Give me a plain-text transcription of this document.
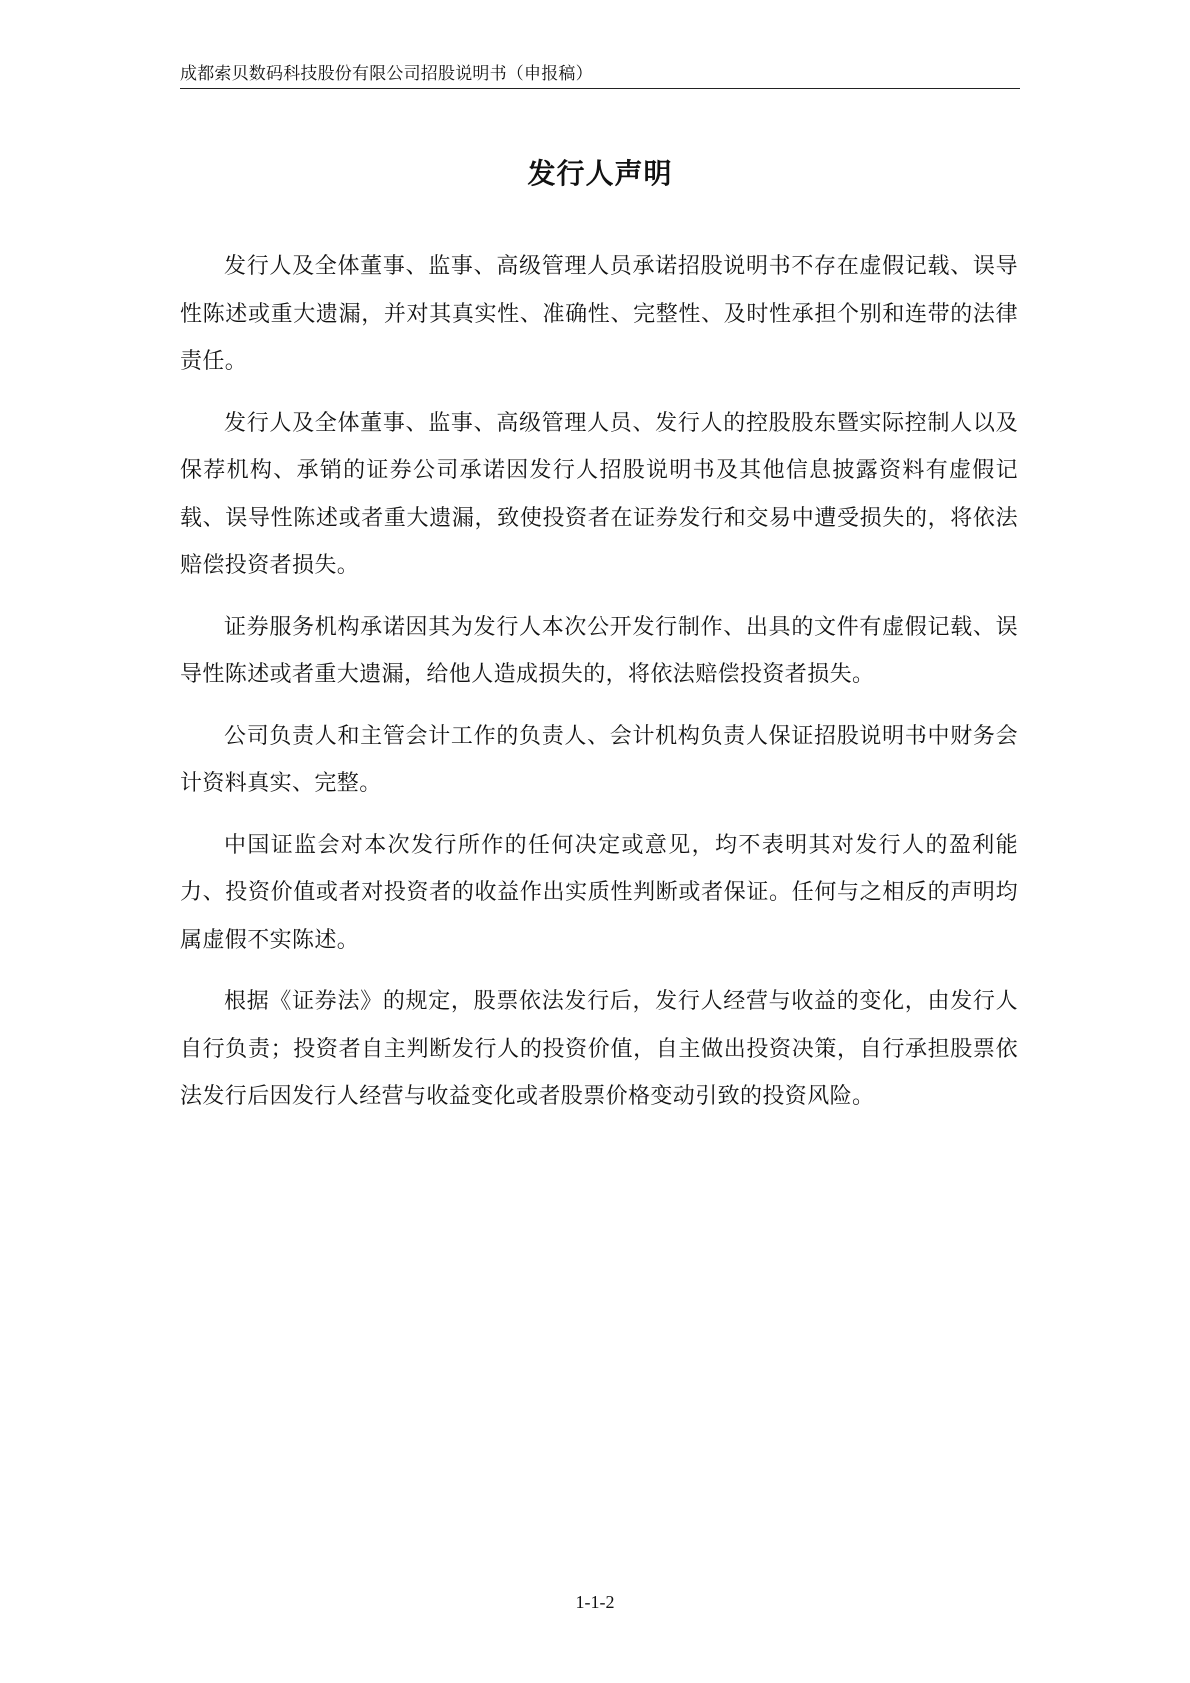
成都索贝数码科技股份有限公司招股说明书（申报稿）
发行人声明

发行人及全体董事、监事、高级管理人员承诺招股说明书不存在虚假记载、误导性陈述或重大遗漏，并对其真实性、准确性、完整性、及时性承担个别和连带的法律责任。

发行人及全体董事、监事、高级管理人员、发行人的控股股东暨实际控制人以及保荐机构、承销的证券公司承诺因发行人招股说明书及其他信息披露资料有虚假记载、误导性陈述或者重大遗漏，致使投资者在证券发行和交易中遭受损失的，将依法赔偿投资者损失。

证券服务机构承诺因其为发行人本次公开发行制作、出具的文件有虚假记载、误导性陈述或者重大遗漏，给他人造成损失的，将依法赔偿投资者损失。

公司负责人和主管会计工作的负责人、会计机构负责人保证招股说明书中财务会计资料真实、完整。

中国证监会对本次发行所作的任何决定或意见，均不表明其对发行人的盈利能力、投资价值或者对投资者的收益作出实质性判断或者保证。任何与之相反的声明均属虚假不实陈述。

根据《证券法》的规定，股票依法发行后，发行人经营与收益的变化，由发行人自行负责；投资者自主判断发行人的投资价值，自主做出投资决策，自行承担股票依法发行后因发行人经营与收益变化或者股票价格变动引致的投资风险。

1-1-2
